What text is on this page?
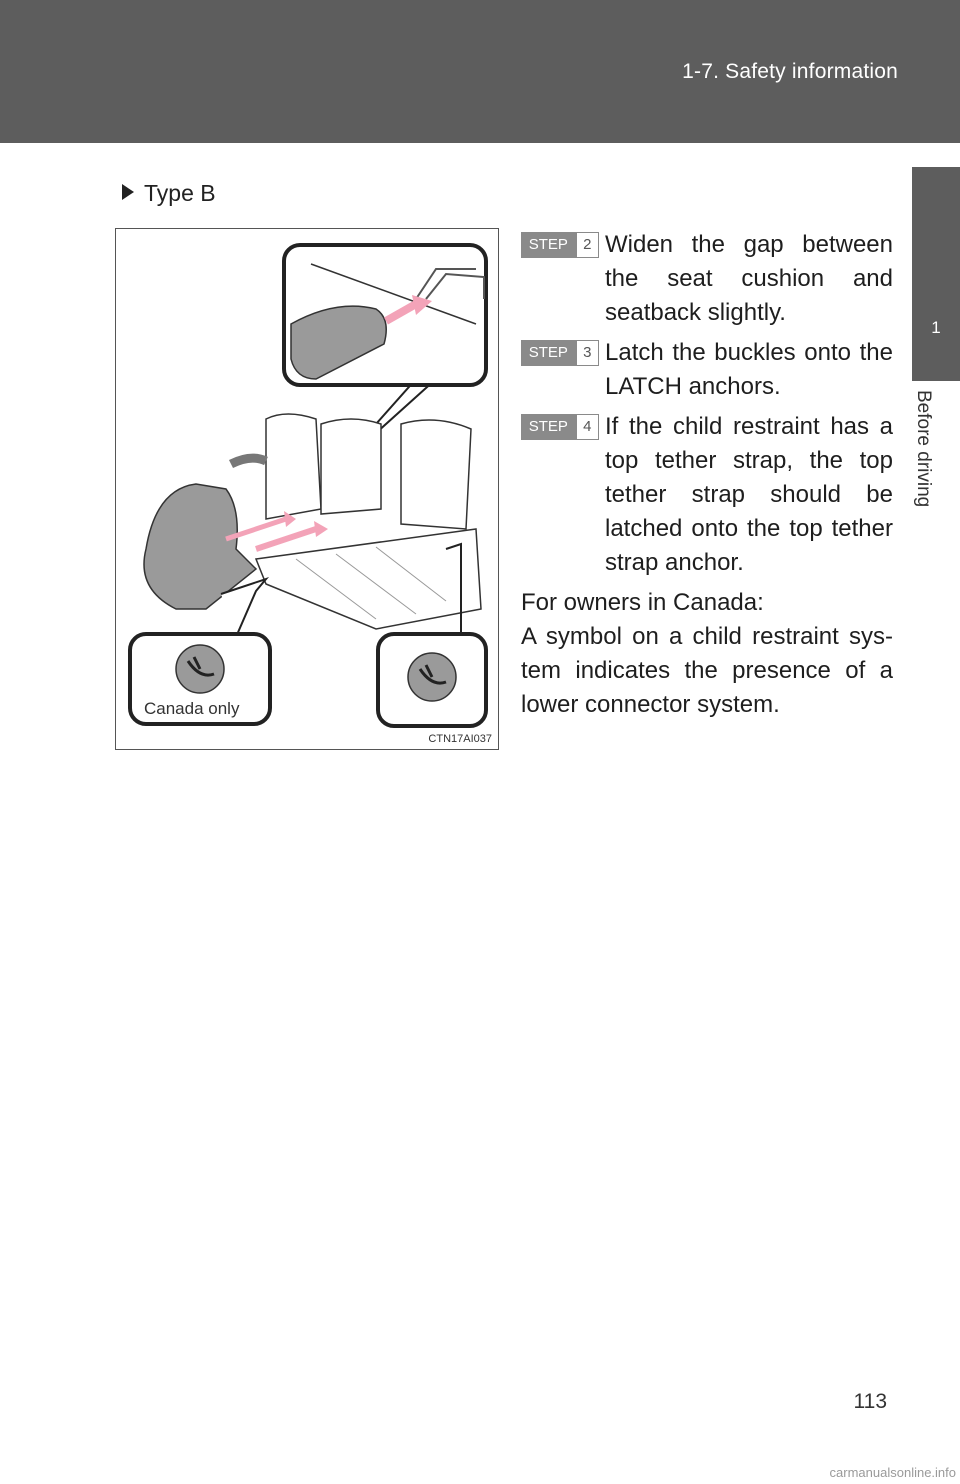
1-7. Safety information
1
Before driving
Type B
Canada only
CTN17AI037
STEP	2 Widen the gap between the seat cushion and seatback slightly.
STEP	3 Latch the buckles onto the LATCH anchors.
STEP	4 If the child restraint has a top tether strap, the top tether strap should be latched onto the top tether strap anchor.

For owners in Canada:

A symbol on a child restraint sys-tem indicates the presence of a lower connector system.

113
carmanualsonline.info
